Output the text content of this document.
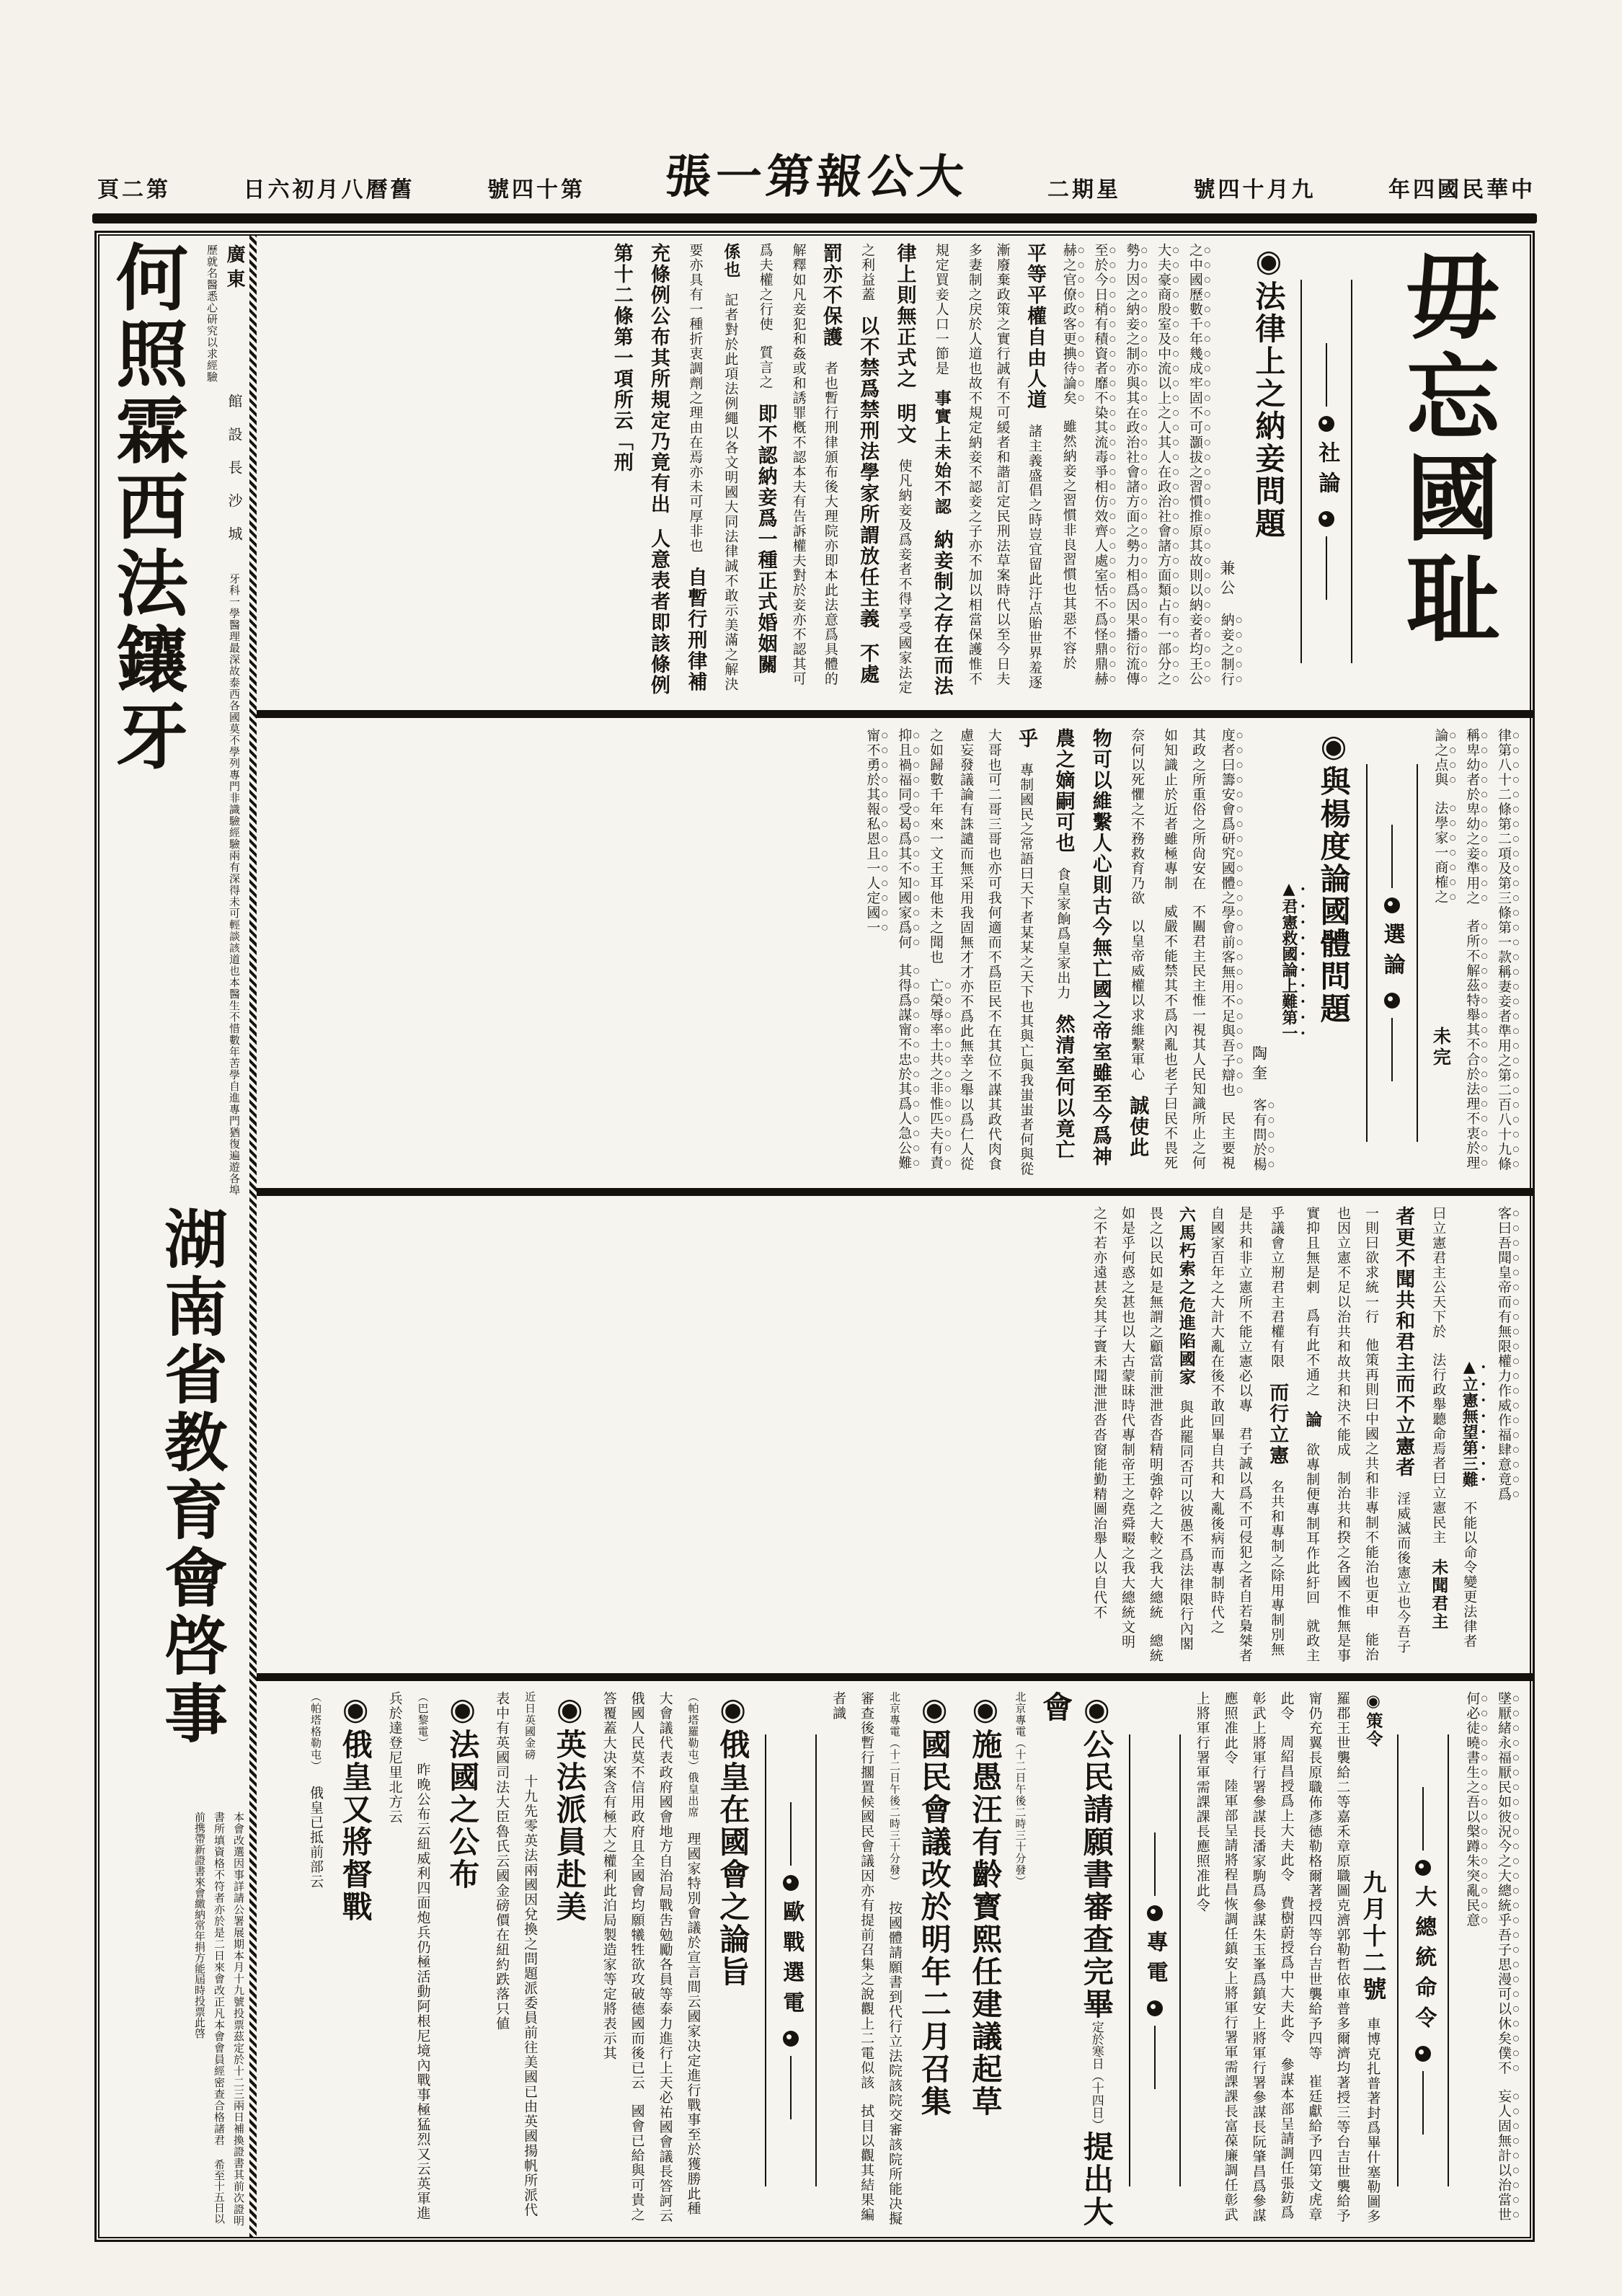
中華民國四年
九月十四號
星期二
大公報第一張
第十四號
舊曆八月初六日
第二頁
何照霖西法鑲牙	廣東 館設長沙城 牙科一學醫理最深故泰西各國莫不學列專門非識驗經驗兩有深得未可輕談該道也本醫生不惜數年苦學自進專門猶復遍遊各埠歷就名醫悉心研究以求經驗
湖南省教育會啓事
本會改選因事詳請公署展期本月十九號投票茲定於十二三兩日補換證書其前次證明書所填資格不符者亦於是二日來會改正凡本會會員經密查合格諸君 希至十五日以前携帶新證書來會繳納常年捐方能屆時投票此啓
毋忘國耻
社論
◉法律上之納妾問題 兼公 納妾之制行之中國歷數千年幾成牢固不可灝拔之習慣推原其故則以納妾者均王公大夫豪商殷室及中流以上之人其人在政治社會諸方面類占有一部分之勢力因之納妾之制亦與其在政治社會諸方面之勢力相爲因果播衍流傳至於今日稍有積資者靡不染其流毒爭相仿效齊人處室恬不爲怪鼎鼎赫赫之官僚政客更捵待論矣 雖然納妾之習慣非良習慣也其惡不容於 平等平權自由人道 諸主義盛倡之時豈宜留此汙点貽世界羞逐漸廢棄政策之實行誠有不可緩者和諧訂定民刑法草案時代以至今日夫多妻制之戻於人道也故不規定納妾不認妾之子亦不加以相當保護惟不規定買妾人口一節是 事實上未始不認 納妾制之存在而法律上則無正式之 明文 使凡納妾及爲妾者不得享受國家法定之利益蓋 以不禁爲禁刑法學家所謂放任主義 不處罰亦不保護 者也暫行刑律頒布後大理院亦即本此法意爲具體的解釋如凡妾犯和姦或和誘罪槪不認本夫有告訴權夫對於妾亦不認其可爲夫權之行使 質言之 即不認納妾爲一種正式婚姻關 係也 記者對於此項法例繩以各文明國大同法律誠不敢示美滿之解決要亦具有一種折衷調劑之理由在焉亦未可厚非也 自暫行刑律補充條例公布其所規定乃竟有出 人意表者即該條例第十二條第一項所云「刑
律第八十二條第二項及第三條第一款稱妻妾者準用之第二百八十九條稱卑幼者於卑幼之妾準用之 者所不解茲特舉其不合於法理不衷於理論之点與 法學家一商榷之 未完
選論
◉與楊度論國體問題 ▲君憲救國論上難第一 陶奎 客有問於楊度者曰籌安會爲研究國體之學會前客無用不足與吾子辯也 民主要視其政之所重俗之所尙安在 不關君主民主惟一視其人民知識所止之何如知識止於近者雖極專制 威嚴不能禁其不爲內亂也老子曰民不畏死奈何以死懼之不務救育乃欲 以皇帝威權以求維繫軍心 誠使此物可以維繫人心則古今無亡國之帝室雖至今爲神農之嫡嗣可也 食皇家餉爲皇家出力 然清室何以竟亡乎 專制國民之常語曰天下者某某之天下也其與亡與我蚩蚩者何與從大哥也可二哥三哥也亦可我何適而不爲臣民不在其位不謀其政代肉食慮妄發議論有誅譴而無采用我固無才才亦不爲此無幸之舉以爲仁人從之如歸數千年來一文王耳他未之聞也 亡榮辱率土共之非惟匹夫有責抑且禍福同受曷爲其不知國家爲何 其得爲謀甯不忠於其爲人急公難甯不勇於其報私恩且一人定國一
客曰吾聞皇帝而有無限權力作威作福肆意竟爲 ▲立憲無望第三難 不能以命令變更法律者曰立憲君主公天下於 法行政舉聽命焉者曰立憲民主 未聞君主 者更不聞共和君主而不立憲者 淫威滅而後憲立也今吾子一則曰欲求統一行 他策再則曰中國之共和非專制不能治也更申 能治也因立憲不足以治共和故共和決不能成 制治共和揆之各國不惟無是事實抑且無是剌 爲有此不通之 論 欲專制便專制耳作此紆回 就政主乎議會立剏君主君權有限 而行立憲 名共和專制之除用專制別無是共和非立憲所不能立憲必以專 君子誠以爲不可侵犯之者自若梟桀者自國家百年之大計大亂在後不敢回畢自共和大亂後病而專制時代之 六馬朽索之危進陷國家 與此罷同否可以彼愚不爲法律限行內閣畏之以民如是無謂之顧當前泄泄沓沓精明強幹之大較之我大總統 總統如是乎何惑之甚也以大古蒙昧時代專制帝王之堯舜畷之我大總統文明之不若亦遠甚矣其子竇未聞泄泄沓沓窗能勤精圖治舉人以自代不
墜厭緒永福厭民如彼況今之大總統乎吾子思漫可以休矣僕不 妄人固無計以治當世何必徒曉書生之吾以槃蹲朱突亂民意
大總統命令
◉策令 九月十二號 車博克扎普著封爲畢什塞勒圖多羅郡王世襲給二等嘉禾章原職圖克濟郭勒哲依車普多爾濟均著授三等台吉世襲給予甯仍充翼長原職佈彥德勒格爾著授四等台吉世襲給予四等 崔廷獻給予四第文虎章此令 周紹昌授爲上大夫此令 費樹蔚授爲中大夫此令 參謀本部呈請調任張鈁爲彰武上將軍行署參謀長潘家駒爲參謀朱玉峯爲鎮安上將軍行署參謀長阮肇昌爲參謀應照准此令 陸軍部呈請將程昌恢調任鎮安上將軍行署軍需課課長富葆廉調任彰武上將軍行署軍需課課長應照准此令
專電
◉公民請願書審查完畢定於寒日（十四日）提出大會 北京專電（十二日午後二時三十分發） ◉施愚汪有齡寳熙任建議起草 ◉國民會議改於明年二月召集 北京專電（十二日午後二時三十分發） 按國體請願書到代行立法院該院交審該院所能决擬審查後暫行擱置候國民會議因亦有提前召集之說觀上二電似該 拭目以觀其結果編者識
歐戰選電
◉俄皇在國會之論旨 （帕塔羅勒屯）俄皇出席 理國家特別會議於宣言間云國家决定進行戰事至於獲勝此種大會議代表政府國會地方自治局戰吿勉勵各員等泰力進行上天必祐國會議長答訶云俄國人民莫不信用政府且全國會均願犧牲欲攻破德國而後已云 國會已給與可貴之答覆蓋大决案含有極大之權利此泊局製造家等定將表示其 ◉英法派員赴美 近日英國金磅 十九先零英法兩國因兌換之問題派委員前往美國已由英國揚帆所派代表中有英國司法大臣魯氏云國金磅價在紐約跌落只値 ◉法國之公布 （巴黎電） 昨晚公布云紐威利四面炮兵仍極活動阿根尼境內戰事極猛烈又云英軍進兵於達登尼里北方云 ◉俄皇又將督戰 （帕塔格勒屯） 俄皇已抵前部云
